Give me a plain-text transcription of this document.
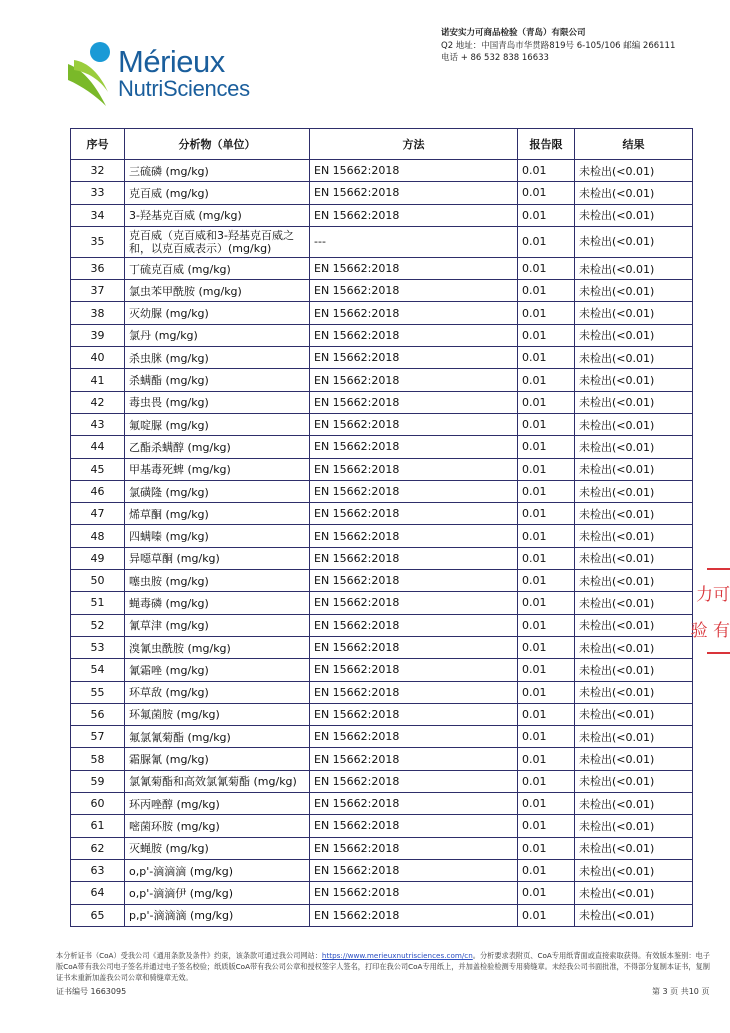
Mérieux
NutriSciences
诺安实力可商品检验（青岛）有限公司
Q2 地址：中国青岛市华贯路819号 6-105/106 邮编 266111
电话 + 86 532 838 16633
序号	分析物（单位）	方法	报告限	结果
32	三硫磷 (mg/kg)	EN 15662:2018	0.01	未检出(<0.01)
33	克百威 (mg/kg)	EN 15662:2018	0.01	未检出(<0.01)
34	3-羟基克百威 (mg/kg)	EN 15662:2018	0.01	未检出(<0.01)
35	克百威（克百威和3-羟基克百威之和，以克百威表示）(mg/kg)	---	0.01	未检出(<0.01)
36	丁硫克百威 (mg/kg)	EN 15662:2018	0.01	未检出(<0.01)
37	氯虫苯甲酰胺 (mg/kg)	EN 15662:2018	0.01	未检出(<0.01)
38	灭幼脲 (mg/kg)	EN 15662:2018	0.01	未检出(<0.01)
39	氯丹 (mg/kg)	EN 15662:2018	0.01	未检出(<0.01)
40	杀虫脒 (mg/kg)	EN 15662:2018	0.01	未检出(<0.01)
41	杀螨酯 (mg/kg)	EN 15662:2018	0.01	未检出(<0.01)
42	毒虫畏 (mg/kg)	EN 15662:2018	0.01	未检出(<0.01)
43	氟啶脲 (mg/kg)	EN 15662:2018	0.01	未检出(<0.01)
44	乙酯杀螨醇 (mg/kg)	EN 15662:2018	0.01	未检出(<0.01)
45	甲基毒死蜱 (mg/kg)	EN 15662:2018	0.01	未检出(<0.01)
46	氯磺隆 (mg/kg)	EN 15662:2018	0.01	未检出(<0.01)
47	烯草酮 (mg/kg)	EN 15662:2018	0.01	未检出(<0.01)
48	四螨嗪 (mg/kg)	EN 15662:2018	0.01	未检出(<0.01)
49	异噁草酮 (mg/kg)	EN 15662:2018	0.01	未检出(<0.01)
50	噻虫胺 (mg/kg)	EN 15662:2018	0.01	未检出(<0.01)
51	蝇毒磷 (mg/kg)	EN 15662:2018	0.01	未检出(<0.01)
52	氰草津 (mg/kg)	EN 15662:2018	0.01	未检出(<0.01)
53	溴氰虫酰胺 (mg/kg)	EN 15662:2018	0.01	未检出(<0.01)
54	氰霜唑 (mg/kg)	EN 15662:2018	0.01	未检出(<0.01)
55	环草敌 (mg/kg)	EN 15662:2018	0.01	未检出(<0.01)
56	环氟菌胺 (mg/kg)	EN 15662:2018	0.01	未检出(<0.01)
57	氟氯氰菊酯 (mg/kg)	EN 15662:2018	0.01	未检出(<0.01)
58	霜脲氰 (mg/kg)	EN 15662:2018	0.01	未检出(<0.01)
59	氯氰菊酯和高效氯氰菊酯 (mg/kg)	EN 15662:2018	0.01	未检出(<0.01)
60	环丙唑醇 (mg/kg)	EN 15662:2018	0.01	未检出(<0.01)
61	嘧菌环胺 (mg/kg)	EN 15662:2018	0.01	未检出(<0.01)
62	灭蝇胺 (mg/kg)	EN 15662:2018	0.01	未检出(<0.01)
63	o,p'-滴滴滴 (mg/kg)	EN 15662:2018	0.01	未检出(<0.01)
64	o,p'-滴滴伊 (mg/kg)	EN 15662:2018	0.01	未检出(<0.01)
65	p,p'-滴滴滴 (mg/kg)	EN 15662:2018	0.01	未检出(<0.01)
力可
验 有
本分析证书（CoA）受我公司《通用条款及条件》约束，该条款可通过我公司网站：https://www.merieuxnutrisciences.com/cn。分析要求表附页、CoA专用纸背面或直接索取获得。有效版本鉴别：电子版CoA带有我公司电子签名并通过电子签名校验；纸质版CoA带有我公司公章和授权签字人签名，打印在我公司CoA专用纸上，并加盖检验检测专用骑缝章。未经我公司书面批准，不得部分复制本证书，复制证书未重新加盖我公司公章和骑缝章无效。
证书编号 1663095	第 3 页 共10 页
